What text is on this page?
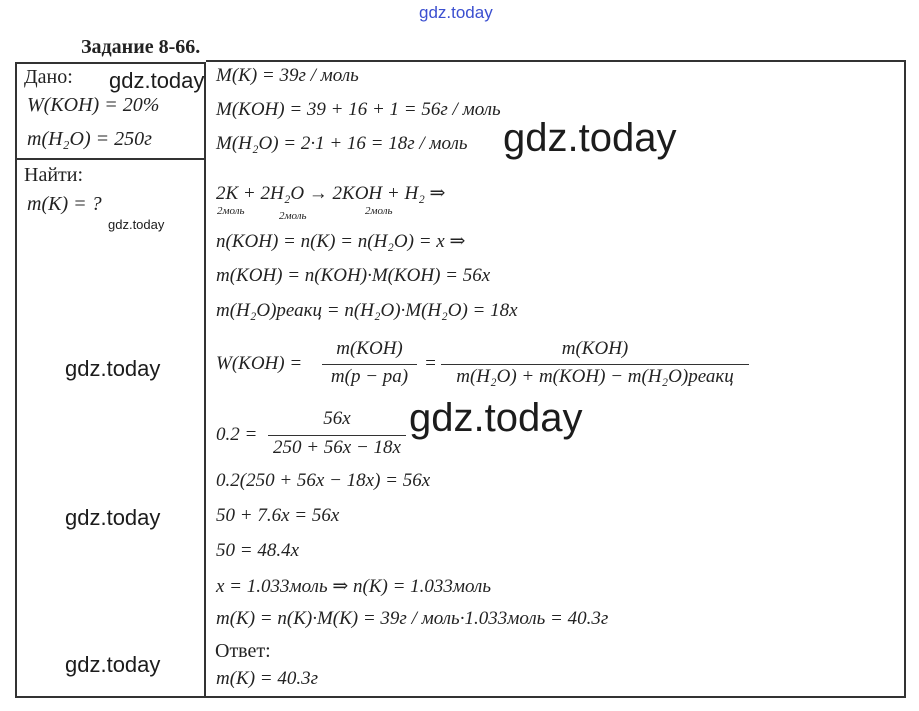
gdz.today
Задание 8-66.
Дано: gdz.today
W(KOH) = 20%
m(H₂O) = 250г
Найти:
m(K) = ?
gdz.today
gdz.today
gdz.today
gdz.today
M(K) = 39г / моль
M(KOH) = 39 + 16 + 1 = 56г / моль
M(H₂O) = 2·1 + 16 = 18г / моль gdz.today
2K + 2H₂O → 2KOH + H₂ ⇒
2моль	2моль	2моль
n(KOH) = n(K) = n(H₂O) = x ⇒
m(KOH) = n(KOH)·M(KOH) = 56x
m(H₂O)реакц = n(H₂O)·M(H₂O) = 18x
W(KOH) =
m(KOH)
m(р − ра)
=
m(KOH)
m(H₂O) + m(KOH) − m(H₂O)реакц
0.2 =
56x
250 + 56x − 18x
gdz.today
0.2(250 + 56x − 18x) = 56x
50 + 7.6x = 56x
50 = 48.4x
x = 1.033моль ⇒ n(K) = 1.033моль
m(K) = n(K)·M(K) = 39г / моль·1.033моль = 40.3г
Ответ:
m(K) = 40.3г
